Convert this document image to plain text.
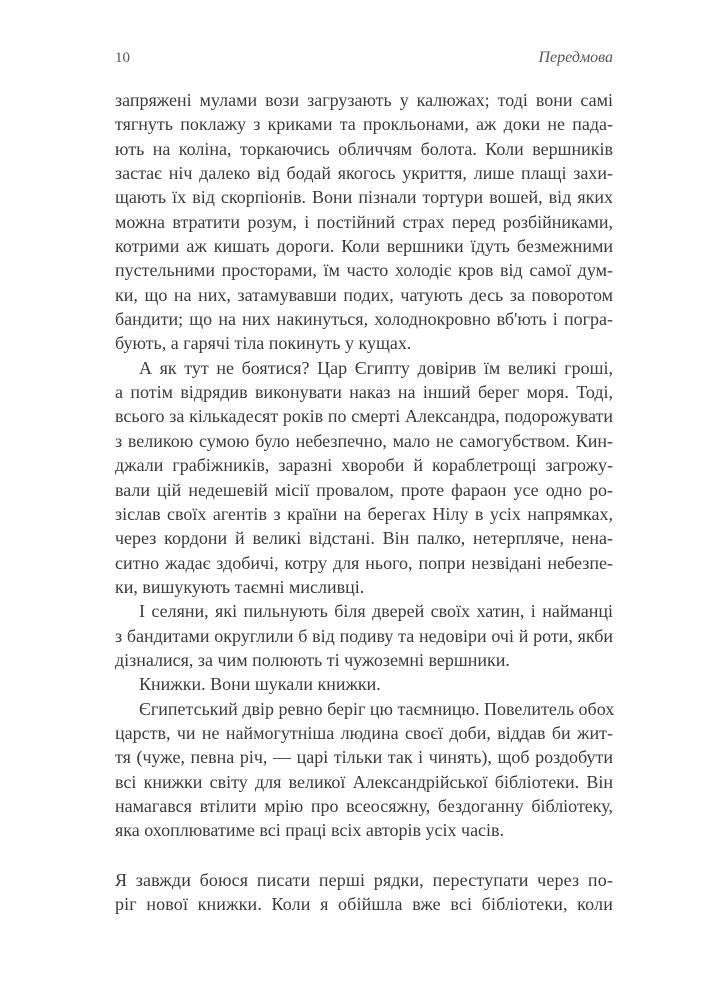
10	Передмова
запряжені мулами вози загрузають у калюжах; тоді вони самі
тягнуть поклажу з криками та прокльонами, аж доки не пада-
ють на коліна, торкаючись обличчям болота. Коли вершників
застає ніч далеко від бодай якогось укриття, лише плащі захи-
щають їх від скорпіонів. Вони пізнали тортури вошей, від яких
можна втратити розум, і постійний страх перед розбійниками,
котрими аж кишать дороги. Коли вершники їдуть безмежними
пустельними просторами, їм часто холодіє кров від самої дум-
ки, що на них, затамувавши подих, чатують десь за поворотом
бандити; що на них накинуться, холоднокровно вб'ють і погра-
бують, а гарячі тіла покинуть у кущах.
А як тут не боятися? Цар Єгипту довірив їм великі гроші,
а потім відрядив виконувати наказ на інший берег моря. Тоді,
всього за кількадесят років по смерті Александра, подорожувати
з великою сумою було небезпечно, мало не самогубством. Кин-
джали грабіжників, заразні хвороби й кораблетрощі загрожу-
вали цій недешевій місії провалом, проте фараон усе одно ро-
зіслав своїх агентів з країни на берегах Нілу в усіх напрямках,
через кордони й великі відстані. Він палко, нетерпляче, нена-
ситно жадає здобичі, котру для нього, попри незвідані небезпе-
ки, вишукують таємні мисливці.
І селяни, які пильнують біля дверей своїх хатин, і найманці
з бандитами округлили б від подиву та недовіри очі й роти, якби
дізналися, за чим полюють ті чужоземні вершники.
Книжки. Вони шукали книжки.
Єгипетський двір ревно беріг цю таємницю. Повелитель обох
царств, чи не наймогутніша людина своєї доби, віддав би жит-
тя (чуже, певна річ, — царі тільки так і чинять), щоб роздобути
всі книжки світу для великої Александрійської бібліотеки. Він
намагався втілити мрію про всеосяжну, бездоганну бібліотеку,
яка охоплюватиме всі праці всіх авторів усіх часів.
Я завжди боюся писати перші рядки, переступати через по-
ріг нової книжки. Коли я обійшла вже всі бібліотеки, коли
